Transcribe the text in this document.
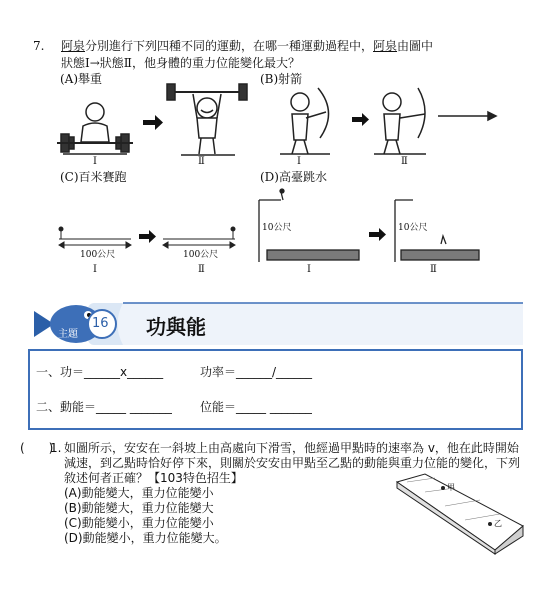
7. 阿泉分別進行下列四種不同的運動，在哪一種運動過程中，阿泉由圖中
狀態Ⅰ→狀態Ⅱ，他身體的重力位能變化最大？
(A)舉重	(B)射箭
(C)百米賽跑	(D)高臺跳水
Ⅰ	Ⅱ	Ⅰ	Ⅱ
100公尺	100公尺
Ⅰ	Ⅱ
10公尺	10公尺
Ⅰ	Ⅱ
主題
16 功與能
一、功＝______x______	功率＝______/______
二、動能＝_____ _______ 位能＝_____ _______
(　　)
1. 如圖所示，安安在一斜坡上由高處向下滑雪，他經過甲點時的速率為 v，他在此時開始
減速，到乙點時恰好停下來，則關於安安由甲點至乙點的動能與重力位能的變化，下列
敘述何者正確？【103特色招生】
(A)動能變大，重力位能變小
(B)動能變大，重力位能變大
(C)動能變小，重力位能變小
(D)動能變小，重力位能變大。
甲
乙
